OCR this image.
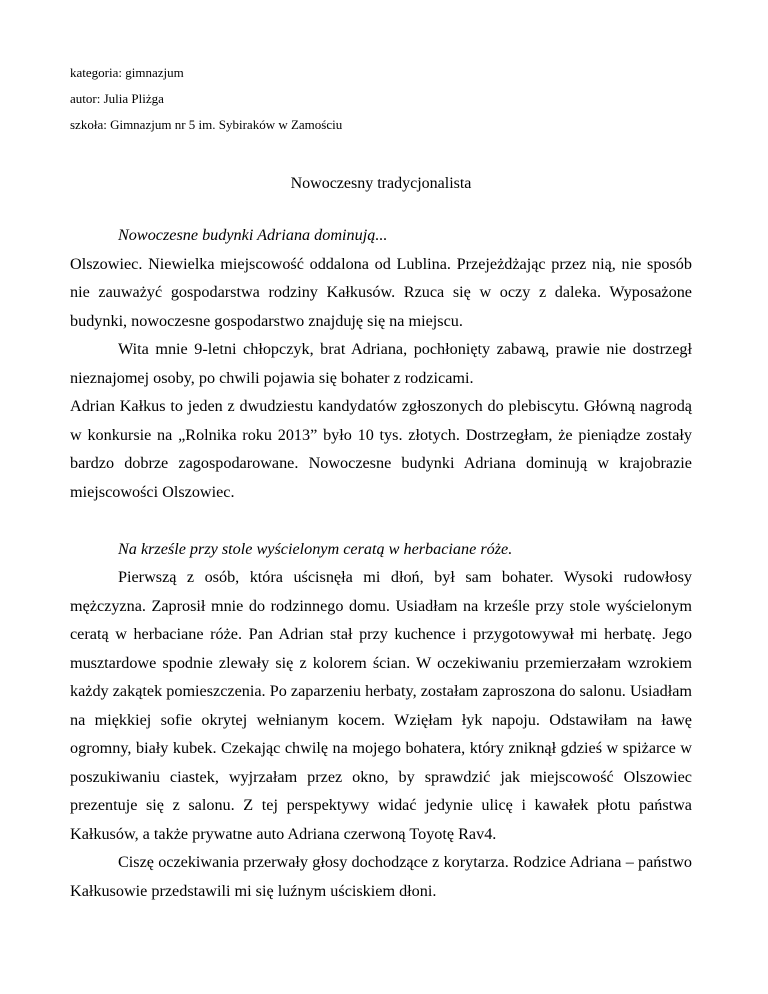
kategoria: gimnazjum

autor: Julia Pliżga

szkoła: Gimnazjum nr 5 im. Sybiraków w Zamościu

Nowoczesny tradycjonalista

Nowoczesne budynki Adriana dominują...

Olszowiec. Niewielka miejscowość oddalona od Lublina. Przejeżdżając przez nią, nie sposób nie zauważyć gospodarstwa rodziny Kałkusów. Rzuca się w oczy z daleka. Wyposażone budynki, nowoczesne gospodarstwo znajduję się na miejscu.

Wita mnie 9-letni chłopczyk, brat Adriana, pochłonięty zabawą, prawie nie dostrzegł nieznajomej osoby, po chwili pojawia się bohater z rodzicami.

Adrian Kałkus to jeden z dwudziestu kandydatów zgłoszonych do plebiscytu. Główną nagrodą w konkursie na „Rolnika roku 2013” było 10 tys. złotych. Dostrzegłam, że pieniądze zostały bardzo dobrze zagospodarowane. Nowoczesne budynki Adriana dominują w krajobrazie miejscowości Olszowiec.

Na krześle przy stole wyścielonym ceratą w herbaciane róże.

Pierwszą z osób, która uścisnęła mi dłoń, był sam bohater. Wysoki rudowłosy mężczyzna. Zaprosił mnie do rodzinnego domu. Usiadłam na krześle przy stole wyścielonym ceratą w herbaciane róże. Pan Adrian stał przy kuchence i przygotowywał mi herbatę. Jego musztardowe spodnie zlewały się z kolorem ścian. W oczekiwaniu przemierzałam wzrokiem każdy zakątek pomieszczenia. Po zaparzeniu herbaty, zostałam zaproszona do salonu. Usiadłam na miękkiej sofie okrytej wełnianym kocem. Wzięłam łyk napoju. Odstawiłam na ławę ogromny, biały kubek. Czekając chwilę na mojego bohatera, który zniknął gdzieś w spiżarce w poszukiwaniu ciastek, wyjrzałam przez okno, by sprawdzić jak miejscowość Olszowiec prezentuje się z salonu. Z tej perspektywy widać jedynie ulicę i kawałek płotu państwa Kałkusów, a także prywatne auto Adriana czerwoną Toyotę Rav4.

Ciszę oczekiwania przerwały głosy dochodzące z korytarza. Rodzice Adriana – państwo Kałkusowie przedstawili mi się luźnym uściskiem dłoni.
